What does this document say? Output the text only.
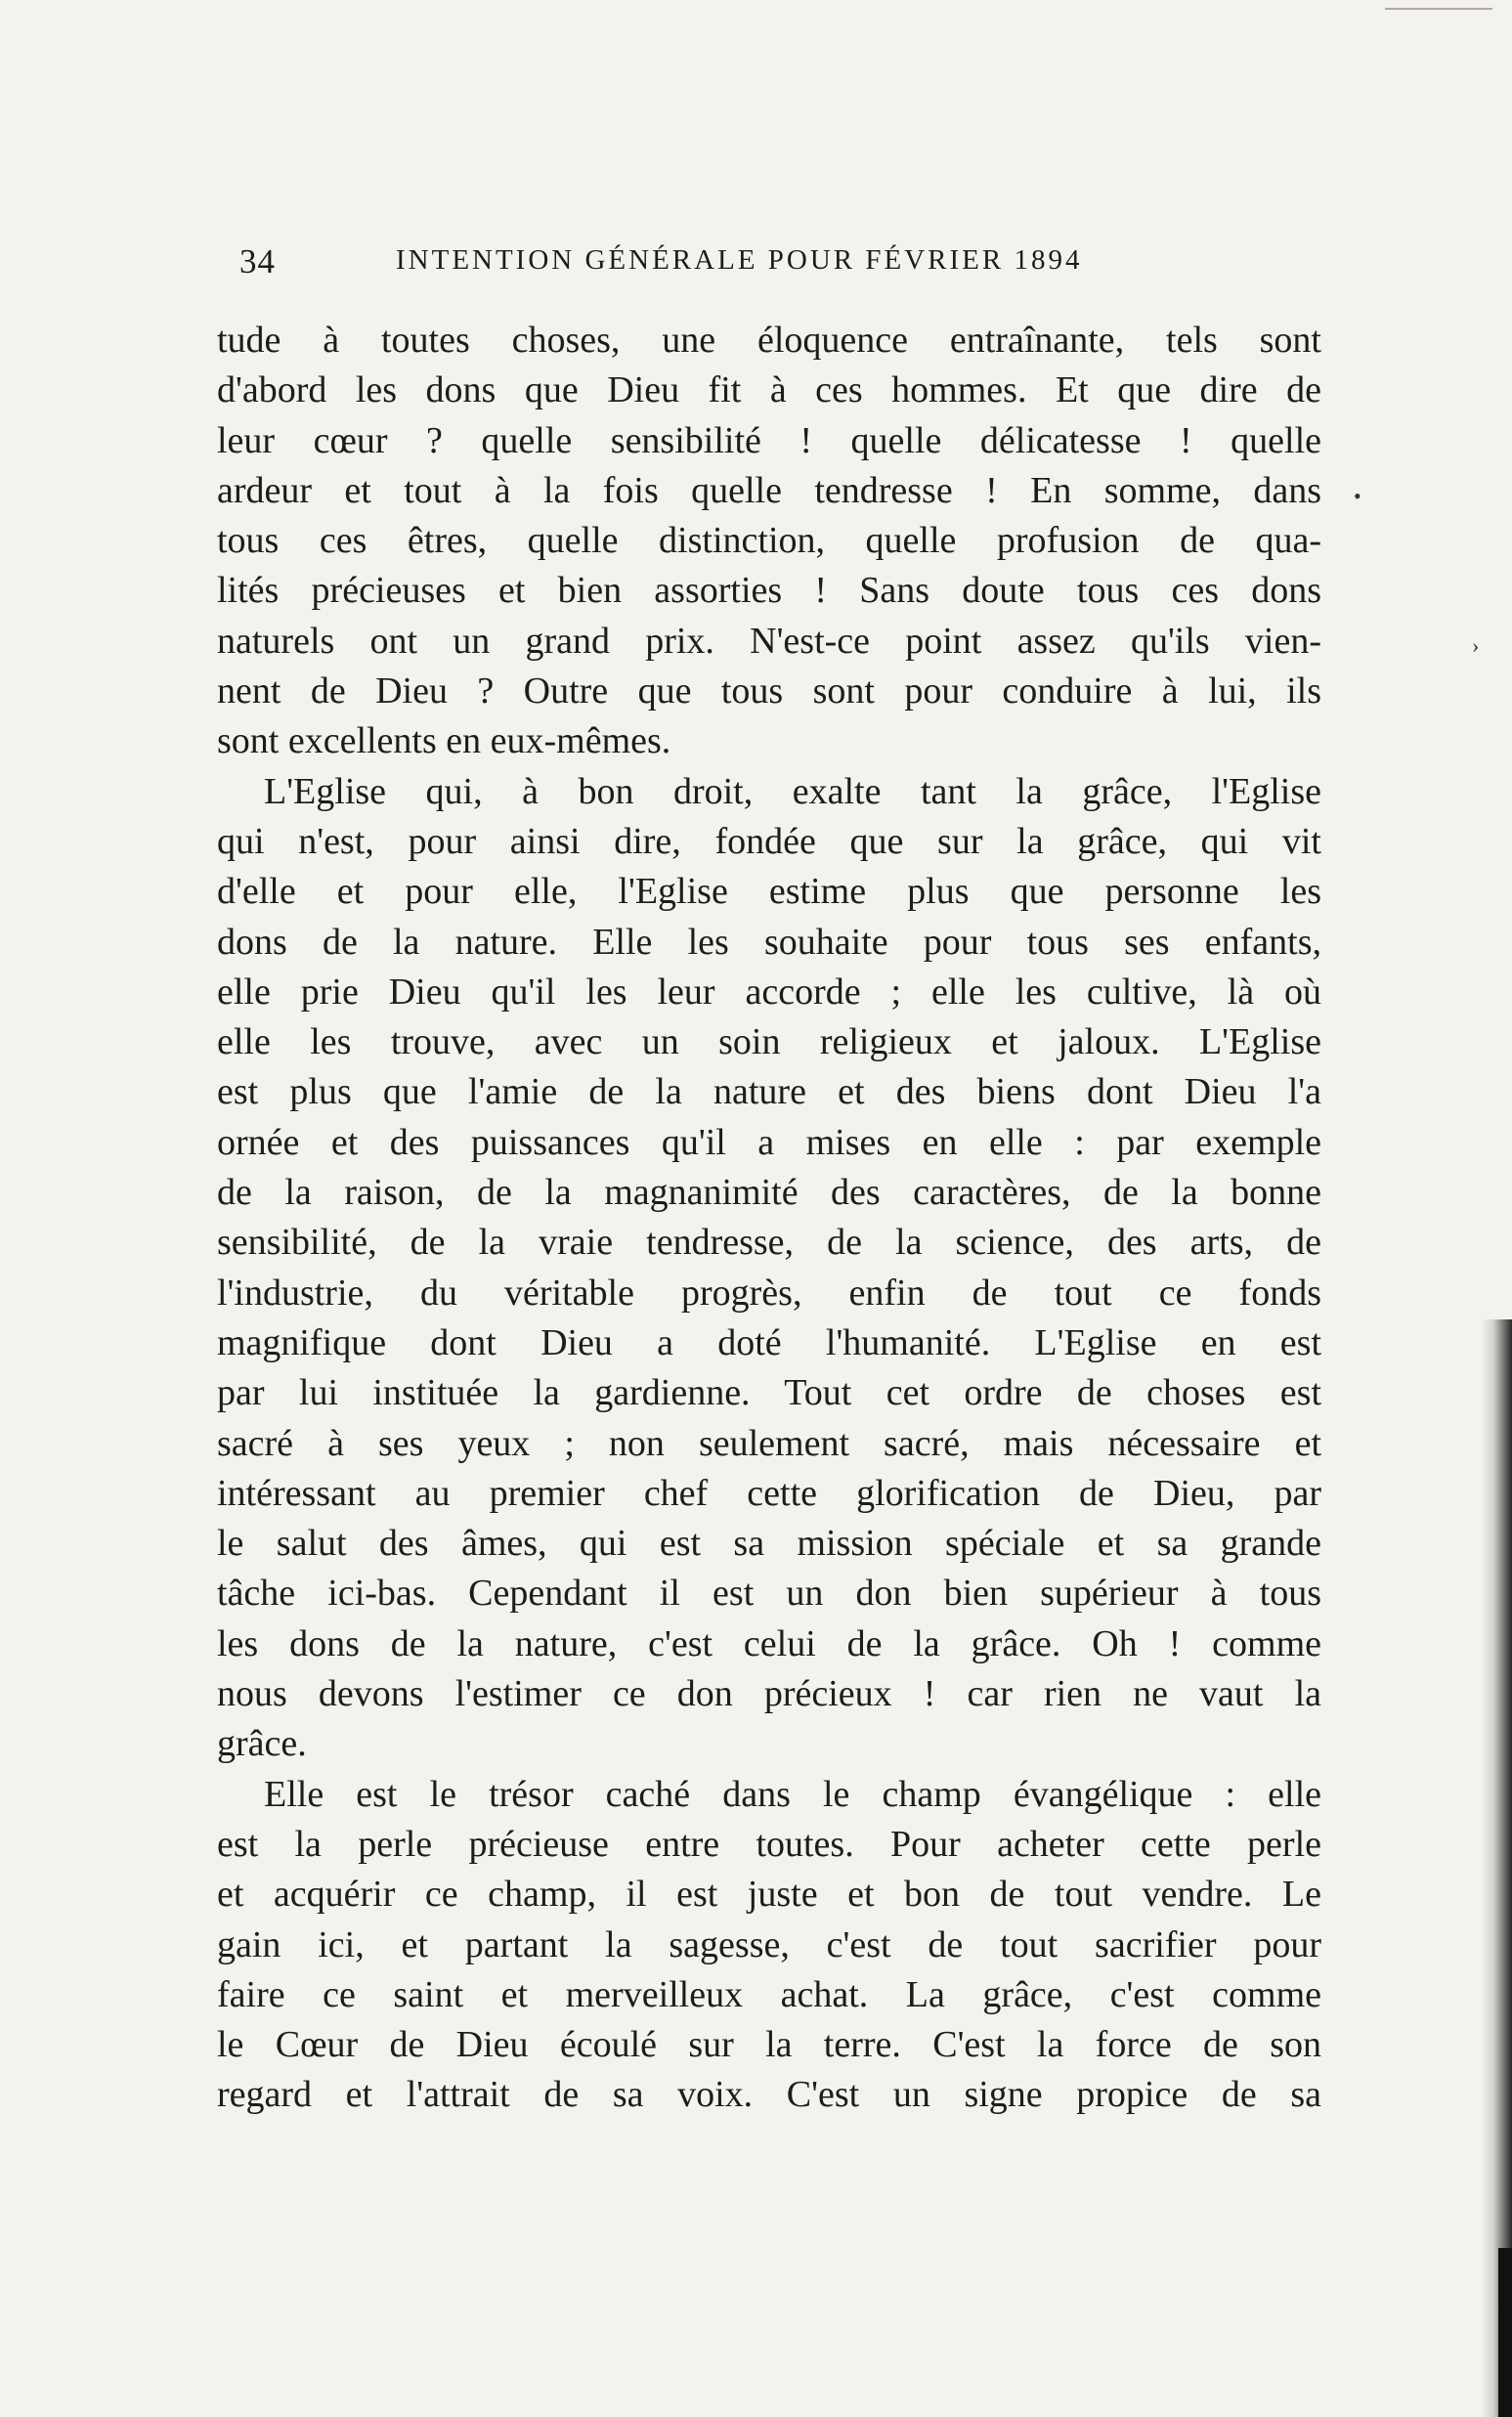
34	INTENTION GÉNÉRALE POUR FÉVRIER 1894
tude à toutes choses, une éloquence entraînante, tels sont
d'abord les dons que Dieu fit à ces hommes. Et que dire de
leur cœur ? quelle sensibilité ! quelle délicatesse ! quelle
ardeur et tout à la fois quelle tendresse ! En somme, dans
tous ces êtres, quelle distinction, quelle profusion de qua-
lités précieuses et bien assorties ! Sans doute tous ces dons
naturels ont un grand prix. N'est-ce point assez qu'ils vien-
nent de Dieu ? Outre que tous sont pour conduire à lui, ils
sont excellents en eux-mêmes.
L'Eglise qui, à bon droit, exalte tant la grâce, l'Eglise
qui n'est, pour ainsi dire, fondée que sur la grâce, qui vit
d'elle et pour elle, l'Eglise estime plus que personne les
dons de la nature. Elle les souhaite pour tous ses enfants,
elle prie Dieu qu'il les leur accorde ; elle les cultive, là où
elle les trouve, avec un soin religieux et jaloux. L'Eglise
est plus que l'amie de la nature et des biens dont Dieu l'a
ornée et des puissances qu'il a mises en elle : par exemple
de la raison, de la magnanimité des caractères, de la bonne
sensibilité, de la vraie tendresse, de la science, des arts, de
l'industrie, du véritable progrès, enfin de tout ce fonds
magnifique dont Dieu a doté l'humanité. L'Eglise en est
par lui instituée la gardienne. Tout cet ordre de choses est
sacré à ses yeux ; non seulement sacré, mais nécessaire et
intéressant au premier chef cette glorification de Dieu, par
le salut des âmes, qui est sa mission spéciale et sa grande
tâche ici-bas. Cependant il est un don bien supérieur à tous
les dons de la nature, c'est celui de la grâce. Oh ! comme
nous devons l'estimer ce don précieux ! car rien ne vaut la
grâce.
Elle est le trésor caché dans le champ évangélique : elle
est la perle précieuse entre toutes. Pour acheter cette perle
et acquérir ce champ, il est juste et bon de tout vendre. Le
gain ici, et partant la sagesse, c'est de tout sacrifier pour
faire ce saint et merveilleux achat. La grâce, c'est comme
le Cœur de Dieu écoulé sur la terre. C'est la force de son
regard et l'attrait de sa voix. C'est un signe propice de sa
•
›
